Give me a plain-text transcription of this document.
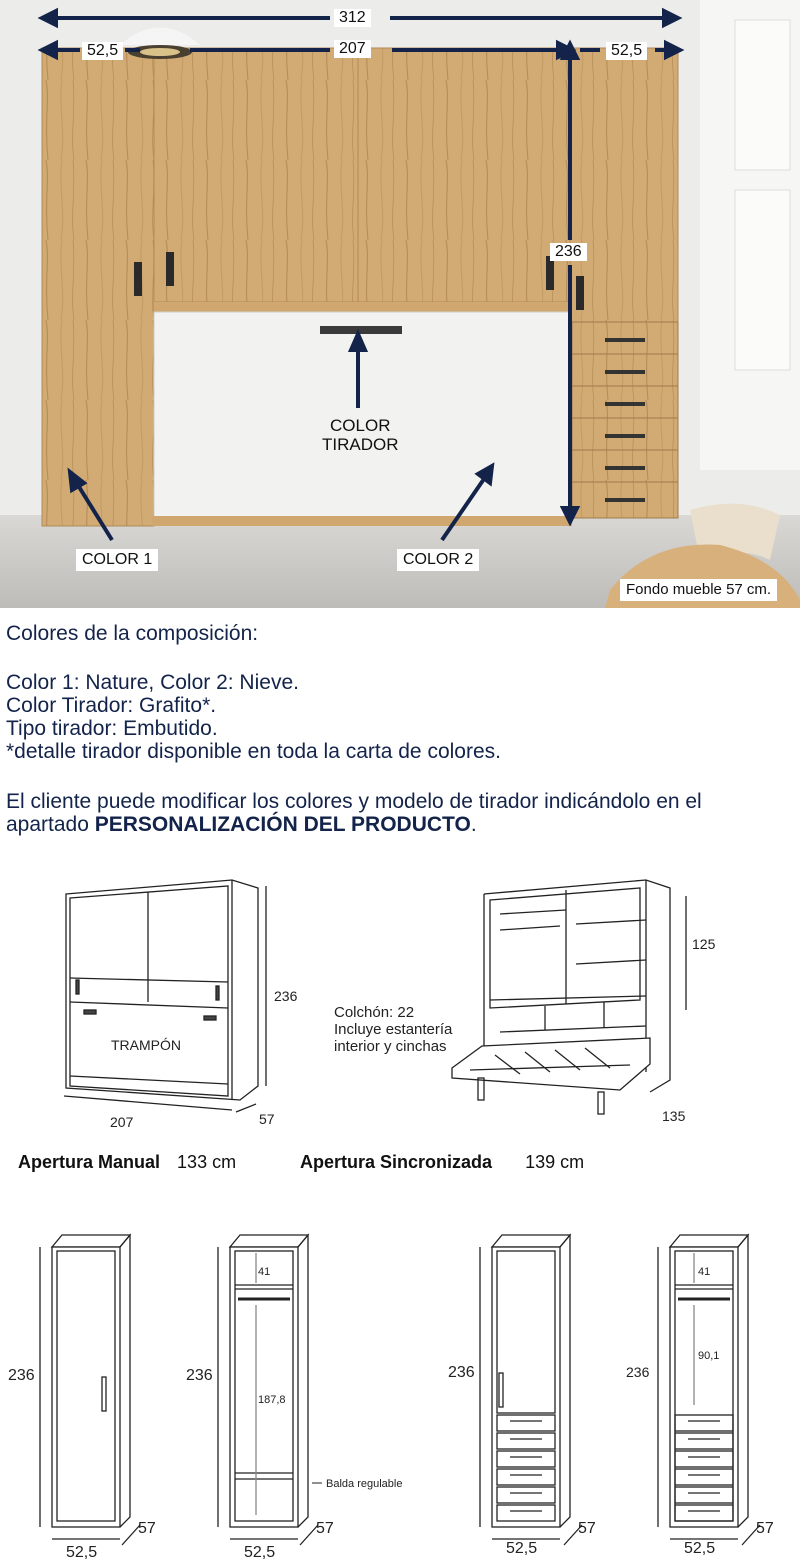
312
207
52,5	52,5
236
COLOR
TIRADOR
COLOR 1	COLOR 2
Fondo mueble 57 cm.
Colores de la composición:
Color 1: Nature, Color 2: Nieve.
Color Tirador: Grafito*.
Tipo tirador: Embutido.
*detalle tirador disponible en toda la carta de colores.
El cliente puede modificar los colores y modelo de tirador indicándolo en el
apartado PERSONALIZACIÓN DEL PRODUCTO.
TRAMPÓN
236
207	57
125
135
Colchón: 22
Incluye estantería
interior y cinchas
Apertura Manual 133 cm	Apertura Sincronizada 139 cm
236
52,5
57
236
52,5
57
41
187,8
Balda regulable
236
52,5
57
236
52,5
57
41
90,1
